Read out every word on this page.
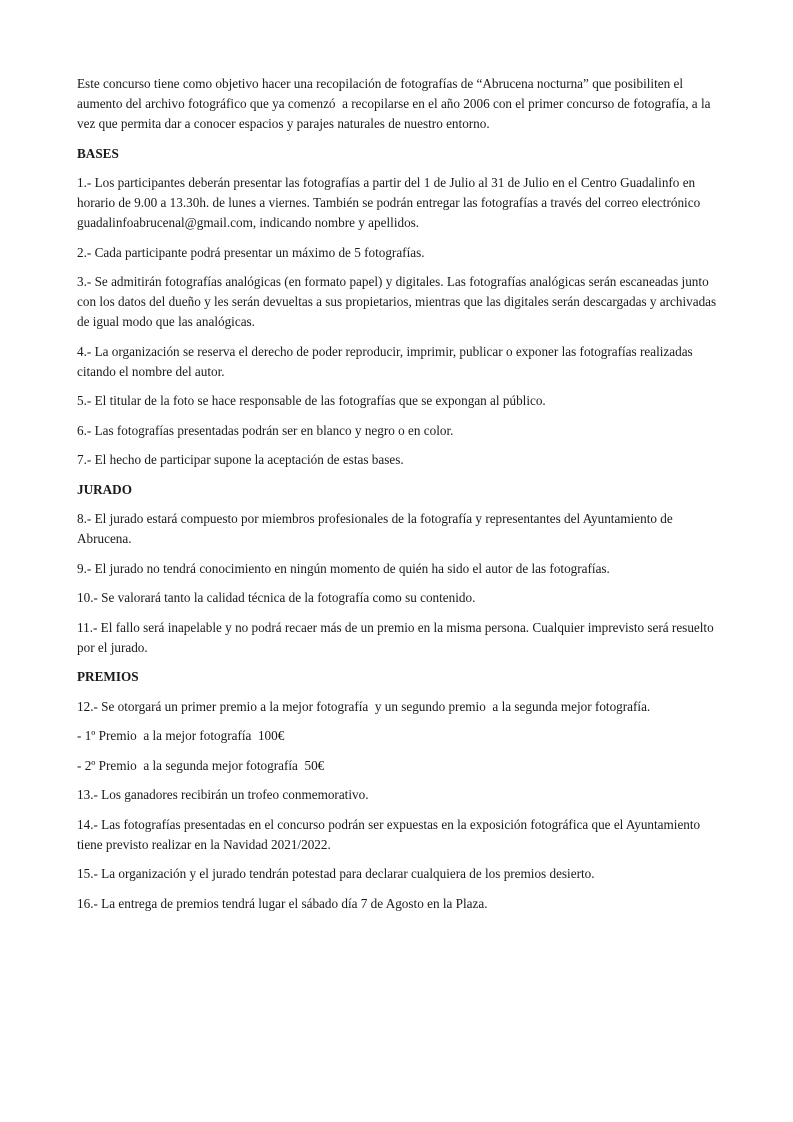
Este concurso tiene como objetivo hacer una recopilación de fotografías de “Abrucena nocturna” que posibiliten el aumento del archivo fotográfico que ya comenzó  a recopilarse en el año 2006 con el primer concurso de fotografía, a la vez que permita dar a conocer espacios y parajes naturales de nuestro entorno.

BASES

1.- Los participantes deberán presentar las fotografías a partir del 1 de Julio al 31 de Julio en el Centro Guadalinfo en horario de 9.00 a 13.30h. de lunes a viernes. También se podrán entregar las fotografías a través del correo electrónico guadalinfoabrucenal@gmail.com, indicando nombre y apellidos.

2.- Cada participante podrá presentar un máximo de 5 fotografías.

3.- Se admitirán fotografías analógicas (en formato papel) y digitales. Las fotografías analógicas serán escaneadas junto con los datos del dueño y les serán devueltas a sus propietarios, mientras que las digitales serán descargadas y archivadas de igual modo que las analógicas.

4.- La organización se reserva el derecho de poder reproducir, imprimir, publicar o exponer las fotografías realizadas citando el nombre del autor.

5.- El titular de la foto se hace responsable de las fotografías que se expongan al público.

6.- Las fotografías presentadas podrán ser en blanco y negro o en color.

7.- El hecho de participar supone la aceptación de estas bases.

JURADO

8.- El jurado estará compuesto por miembros profesionales de la fotografía y representantes del Ayuntamiento de Abrucena.

9.- El jurado no tendrá conocimiento en ningún momento de quién ha sido el autor de las fotografías.

10.- Se valorará tanto la calidad técnica de la fotografía como su contenido.

11.- El fallo será inapelable y no podrá recaer más de un premio en la misma persona. Cualquier imprevisto será resuelto por el jurado.

PREMIOS

12.- Se otorgará un primer premio a la mejor fotografía  y un segundo premio  a la segunda mejor fotografía.

- 1º Premio  a la mejor fotografía  100€

- 2º Premio  a la segunda mejor fotografía  50€

13.- Los ganadores recibirán un trofeo conmemorativo.

14.- Las fotografías presentadas en el concurso podrán ser expuestas en la exposición fotográfica que el Ayuntamiento tiene previsto realizar en la Navidad 2021/2022.

15.- La organización y el jurado tendrán potestad para declarar cualquiera de los premios desierto.

16.- La entrega de premios tendrá lugar el sábado día 7 de Agosto en la Plaza.
